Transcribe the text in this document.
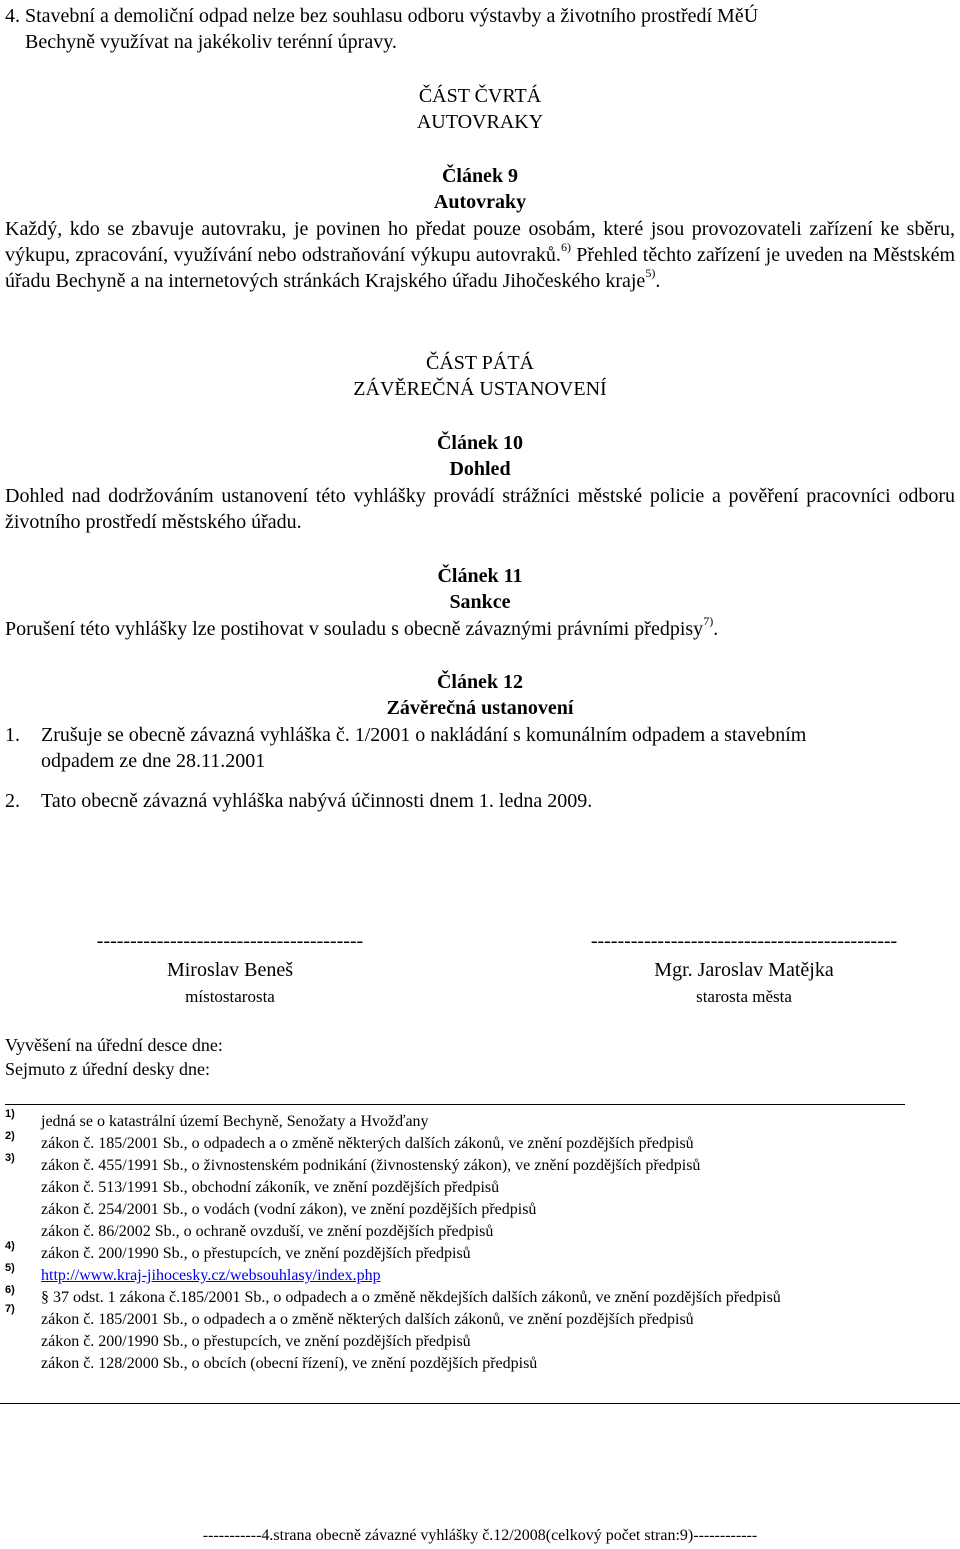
4. Stavební a demoliční odpad nelze bez souhlasu odboru výstavby a životního prostředí MěÚ
Bechyně využívat na jakékoliv terénní úpravy.
ČÁST ČVRTÁ
AUTOVRAKY
Článek 9
Autovraky
Každý, kdo se zbavuje autovraku, je povinen ho předat pouze osobám, které jsou provozovateli zařízení ke sběru, výkupu, zpracování, využívání nebo odstraňování výkupu autovraků.$^{6)}$ Přehled těchto zařízení je uveden na Městském úřadu Bechyně a na internetových stránkách Krajského úřadu Jihočeského kraje$^{5)}$.
ČÁST PÁTÁ
ZÁVĚREČNÁ USTANOVENÍ
Článek 10
Dohled
Dohled nad dodržováním ustanovení této vyhlášky provádí strážníci městské policie a pověření pracovníci odboru životního prostředí městského úřadu.
Článek 11
Sankce
Porušení této vyhlášky lze postihovat v souladu s obecně závaznými právními předpisy$^{7)}$.
Článek 12
Závěrečná ustanovení
1. Zrušuje se obecně závazná vyhláška č. 1/2001 o nakládání s komunálním odpadem a stavebním
odpadem ze dne 28.11.2001
2. Tato obecně závazná vyhláška nabývá účinnosti dnem 1. ledna 2009.
----------------------------------------
Miroslav Beneš
místostarosta
----------------------------------------------
Mgr. Jaroslav Matějka
starosta města
Vyvěšení na úřední desce dne:
Sejmuto z úřední desky dne:
1)
2)
3)
4)
5)
6)
7)
jedná se o katastrální území Bechyně, Senožaty a Hvožďany
zákon č. 185/2001 Sb., o odpadech a o změně některých dalších zákonů, ve znění pozdějších předpisů
zákon č. 455/1991 Sb., o živnostenském podnikání (živnostenský zákon), ve znění pozdějších předpisů
zákon č. 513/1991 Sb., obchodní zákoník, ve znění pozdějších předpisů
zákon č. 254/2001 Sb., o vodách (vodní zákon), ve znění pozdějších předpisů
zákon č. 86/2002 Sb., o ochraně ovzduší, ve znění pozdějších předpisů
zákon č. 200/1990 Sb., o přestupcích, ve znění pozdějších předpisů
http://www.kraj-jihocesky.cz/websouhlasy/index.php
§ 37 odst. 1 zákona č.185/2001 Sb., o odpadech a o změně někdejších dalších zákonů, ve znění pozdějších předpisů
zákon č. 185/2001 Sb., o odpadech a o změně některých dalších zákonů, ve znění pozdějších předpisů
zákon č. 200/1990 Sb., o přestupcích, ve znění pozdějších předpisů
zákon č. 128/2000 Sb., o obcích (obecní řízení), ve znění pozdějších předpisů
-----------4.strana obecně závazné vyhlášky č.12/2008(celkový počet stran:9)------------
